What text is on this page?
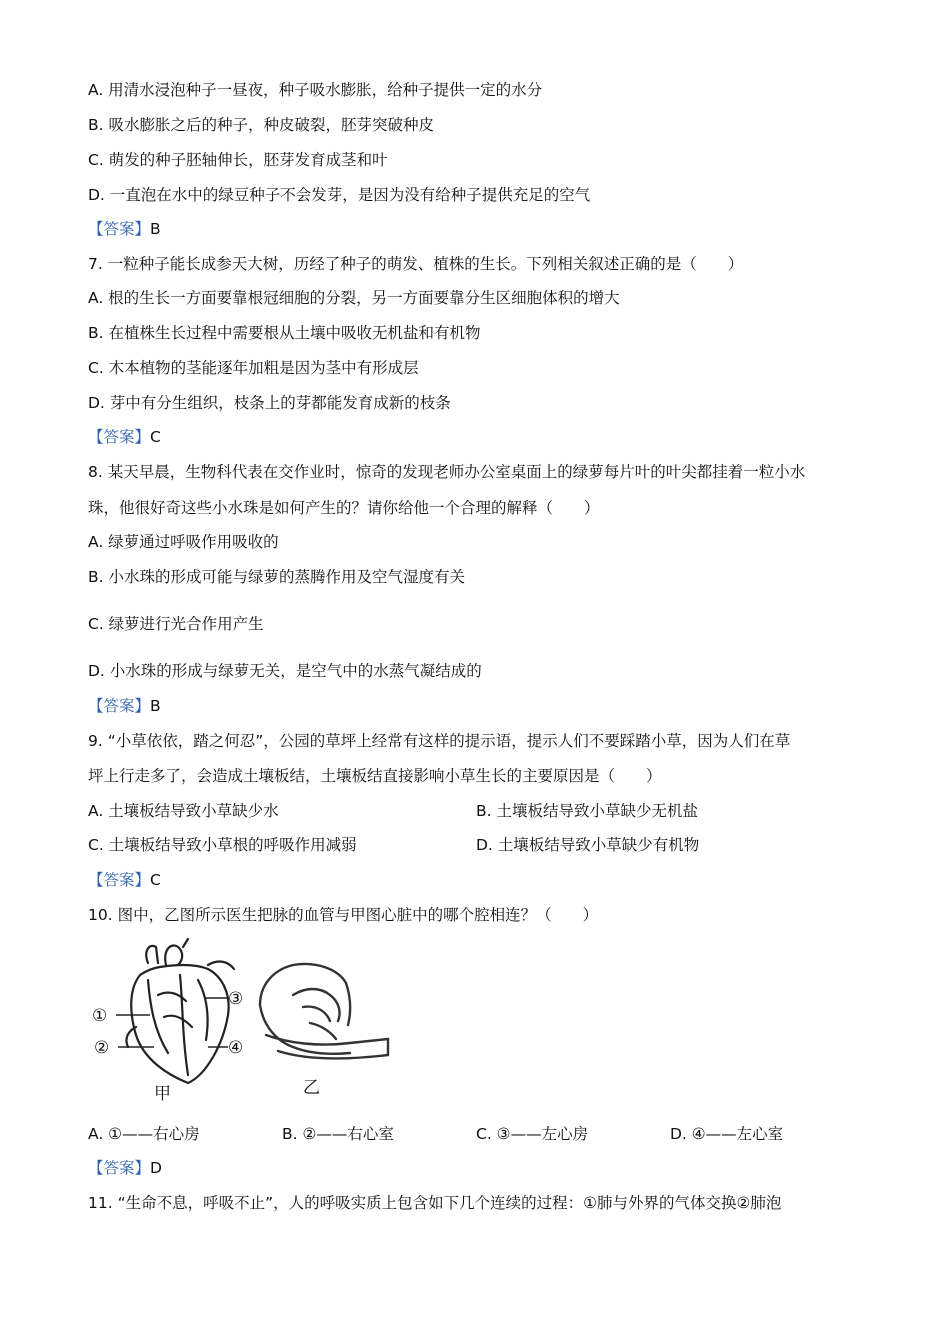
A. 用清水浸泡种子一昼夜，种子吸水膨胀，给种子提供一定的水分
B. 吸水膨胀之后的种子，种皮破裂，胚芽突破种皮
C. 萌发的种子胚轴伸长，胚芽发育成茎和叶
D. 一直泡在水中的绿豆种子不会发芽，是因为没有给种子提供充足的空气
【答案】B
7. 一粒种子能长成参天大树，历经了种子的萌发、植株的生长。下列相关叙述正确的是（　　）
A. 根的生长一方面要靠根冠细胞的分裂，另一方面要靠分生区细胞体积的增大
B. 在植株生长过程中需要根从土壤中吸收无机盐和有机物
C. 木本植物的茎能逐年加粗是因为茎中有形成层
D. 芽中有分生组织，枝条上的芽都能发育成新的枝条
【答案】C
8. 某天早晨，生物科代表在交作业时，惊奇的发现老师办公室桌面上的绿萝每片叶的叶尖都挂着一粒小水
珠，他很好奇这些小水珠是如何产生的？请你给他一个合理的解释（　　）
A. 绿萝通过呼吸作用吸收的
B. 小水珠的形成可能与绿萝的蒸腾作用及空气湿度有关
C. 绿萝进行光合作用产生
D. 小水珠的形成与绿萝无关，是空气中的水蒸气凝结成的
【答案】B
9. “小草依依，踏之何忍”，公园的草坪上经常有这样的提示语，提示人们不要踩踏小草，因为人们在草
坪上行走多了，会造成土壤板结，土壤板结直接影响小草生长的主要原因是（　　）
A. 土壤板结导致小草缺少水	B. 土壤板结导致小草缺少无机盐
C. 土壤板结导致小草根的呼吸作用减弱	D. 土壤板结导致小草缺少有机物
【答案】C
10. 图中，乙图所示医生把脉的血管与甲图心脏中的哪个腔相连？（　　）
①
②
③
④
甲	乙
A. ①——右心房	B. ②——右心室	C. ③——左心房	D. ④——左心室
【答案】D
11. “生命不息，呼吸不止”，人的呼吸实质上包含如下几个连续的过程：①肺与外界的气体交换②肺泡
